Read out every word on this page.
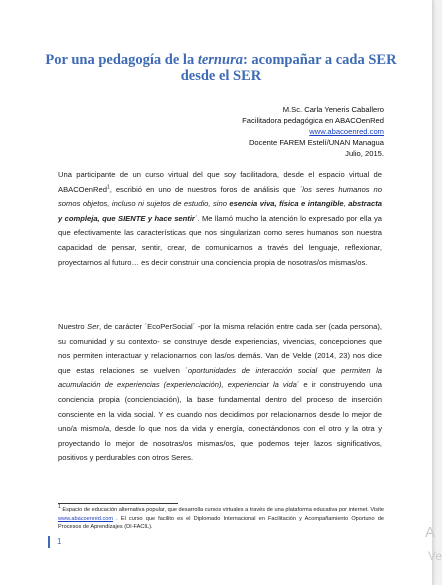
Por una pedagogía de la ternura: acompañar a cada SER desde el SER
M.Sc. Carla Yeneris Caballero
Facilitadora pedagógica en ABACOenRed
www.abacoenred.com
Docente FAREM Estelí/UNAN Managua
Julio, 2015.
Una participante de un curso virtual del que soy facilitadora, desde el espacio virtual de ABACOenRed$^1$, escribió en uno de nuestros foros de análisis que ´los seres humanos no somos objetos, incluso ni sujetos de estudio, sino esencia viva, física e intangible, abstracta y compleja, que SIENTE y hace sentir´. Me llamó mucho la atención lo expresado por ella ya que efectivamente las características que nos singularizan como seres humanos son nuestra capacidad de pensar, sentir, crear, de comunicarnos a través del lenguaje, reflexionar, proyectarnos al futuro… es decir construir una conciencia propia de nosotras/os mismas/os.
Nuestro Ser, de carácter ´EcoPerSocial´ -por la misma relación entre cada ser (cada persona), su comunidad y su contexto- se construye desde experiencias, vivencias, concepciones que nos permiten interactuar y relacionarnos con las/os demás. Van de Velde (2014, 23) nos dice que estas relaciones se vuelven ´oportunidades de interacción social que permiten la acumulación de experiencias (experienciación), experienciar la vida´ e ir construyendo una conciencia propia (concienciación), la base fundamental dentro del proceso de inserción consciente en la vida social. Y es cuando nos decidimos por relacionarnos desde lo mejor de uno/a mismo/a, desde lo que nos da vida y energía, conectándonos con el otro y la otra y proyectando lo mejor de nosotras/os mismas/os, que podemos tejer lazos significativos, positivos y perdurables con otros Seres.
$^1$ Espacio de educación alternativa popular, que desarrolla cursos virtuales a través de una plataforma educativa por internet. Visite www.abacoenred.com . El curso que facilito es el Diplomado Internacional en Facilitación y Acompañamiento Oportuno de Procesos de Aprendizajes (DI-FACIL).
1
A
Ve
